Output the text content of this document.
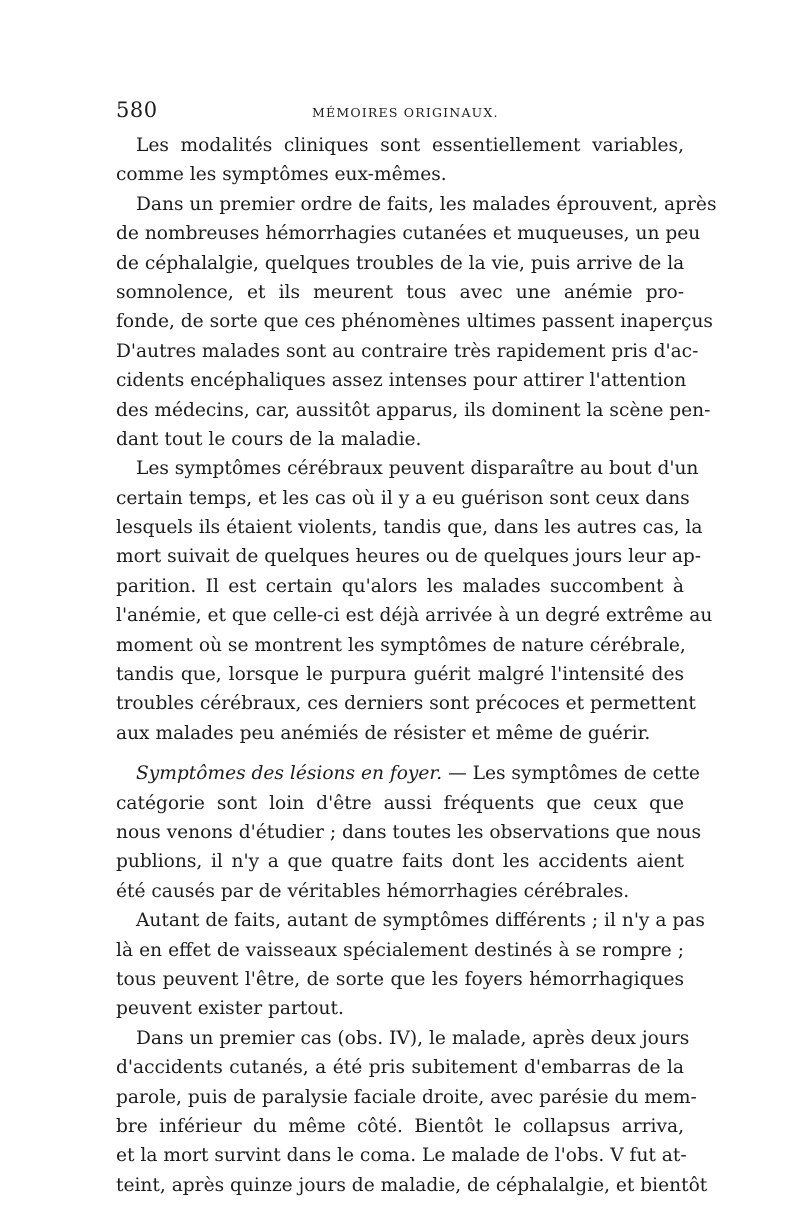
580	MÉMOIRES ORIGINAUX.
Les modalités cliniques sont essentiellement variables,
comme les symptômes eux-mêmes.
Dans un premier ordre de faits, les malades éprouvent, après
de nombreuses hémorrhagies cutanées et muqueuses, un peu
de céphalalgie, quelques troubles de la vie, puis arrive de la
somnolence, et ils meurent tous avec une anémie pro-
fonde, de sorte que ces phénomènes ultimes passent inaperçus
D'autres malades sont au contraire très rapidement pris d'ac-
cidents encéphaliques assez intenses pour attirer l'attention
des médecins, car, aussitôt apparus, ils dominent la scène pen-
dant tout le cours de la maladie.
Les symptômes cérébraux peuvent disparaître au bout d'un
certain temps, et les cas où il y a eu guérison sont ceux dans
lesquels ils étaient violents, tandis que, dans les autres cas, la
mort suivait de quelques heures ou de quelques jours leur ap-
parition. Il est certain qu'alors les malades succombent à
l'anémie, et que celle-ci est déjà arrivée à un degré extrême au
moment où se montrent les symptômes de nature cérébrale,
tandis que, lorsque le purpura guérit malgré l'intensité des
troubles cérébraux, ces derniers sont précoces et permettent
aux malades peu anémiés de résister et même de guérir.
Symptômes des lésions en foyer. — Les symptômes de cette
catégorie sont loin d'être aussi fréquents que ceux que
nous venons d'étudier ; dans toutes les observations que nous
publions, il n'y a que quatre faits dont les accidents aient
été causés par de véritables hémorrhagies cérébrales.
Autant de faits, autant de symptômes différents ; il n'y a pas
là en effet de vaisseaux spécialement destinés à se rompre ;
tous peuvent l'être, de sorte que les foyers hémorrhagiques
peuvent exister partout.
Dans un premier cas (obs. IV), le malade, après deux jours
d'accidents cutanés, a été pris subitement d'embarras de la
parole, puis de paralysie faciale droite, avec parésie du mem-
bre inférieur du même côté. Bientôt le collapsus arriva,
et la mort survint dans le coma. Le malade de l'obs. V fut at-
teint, après quinze jours de maladie, de céphalalgie, et bientôt
